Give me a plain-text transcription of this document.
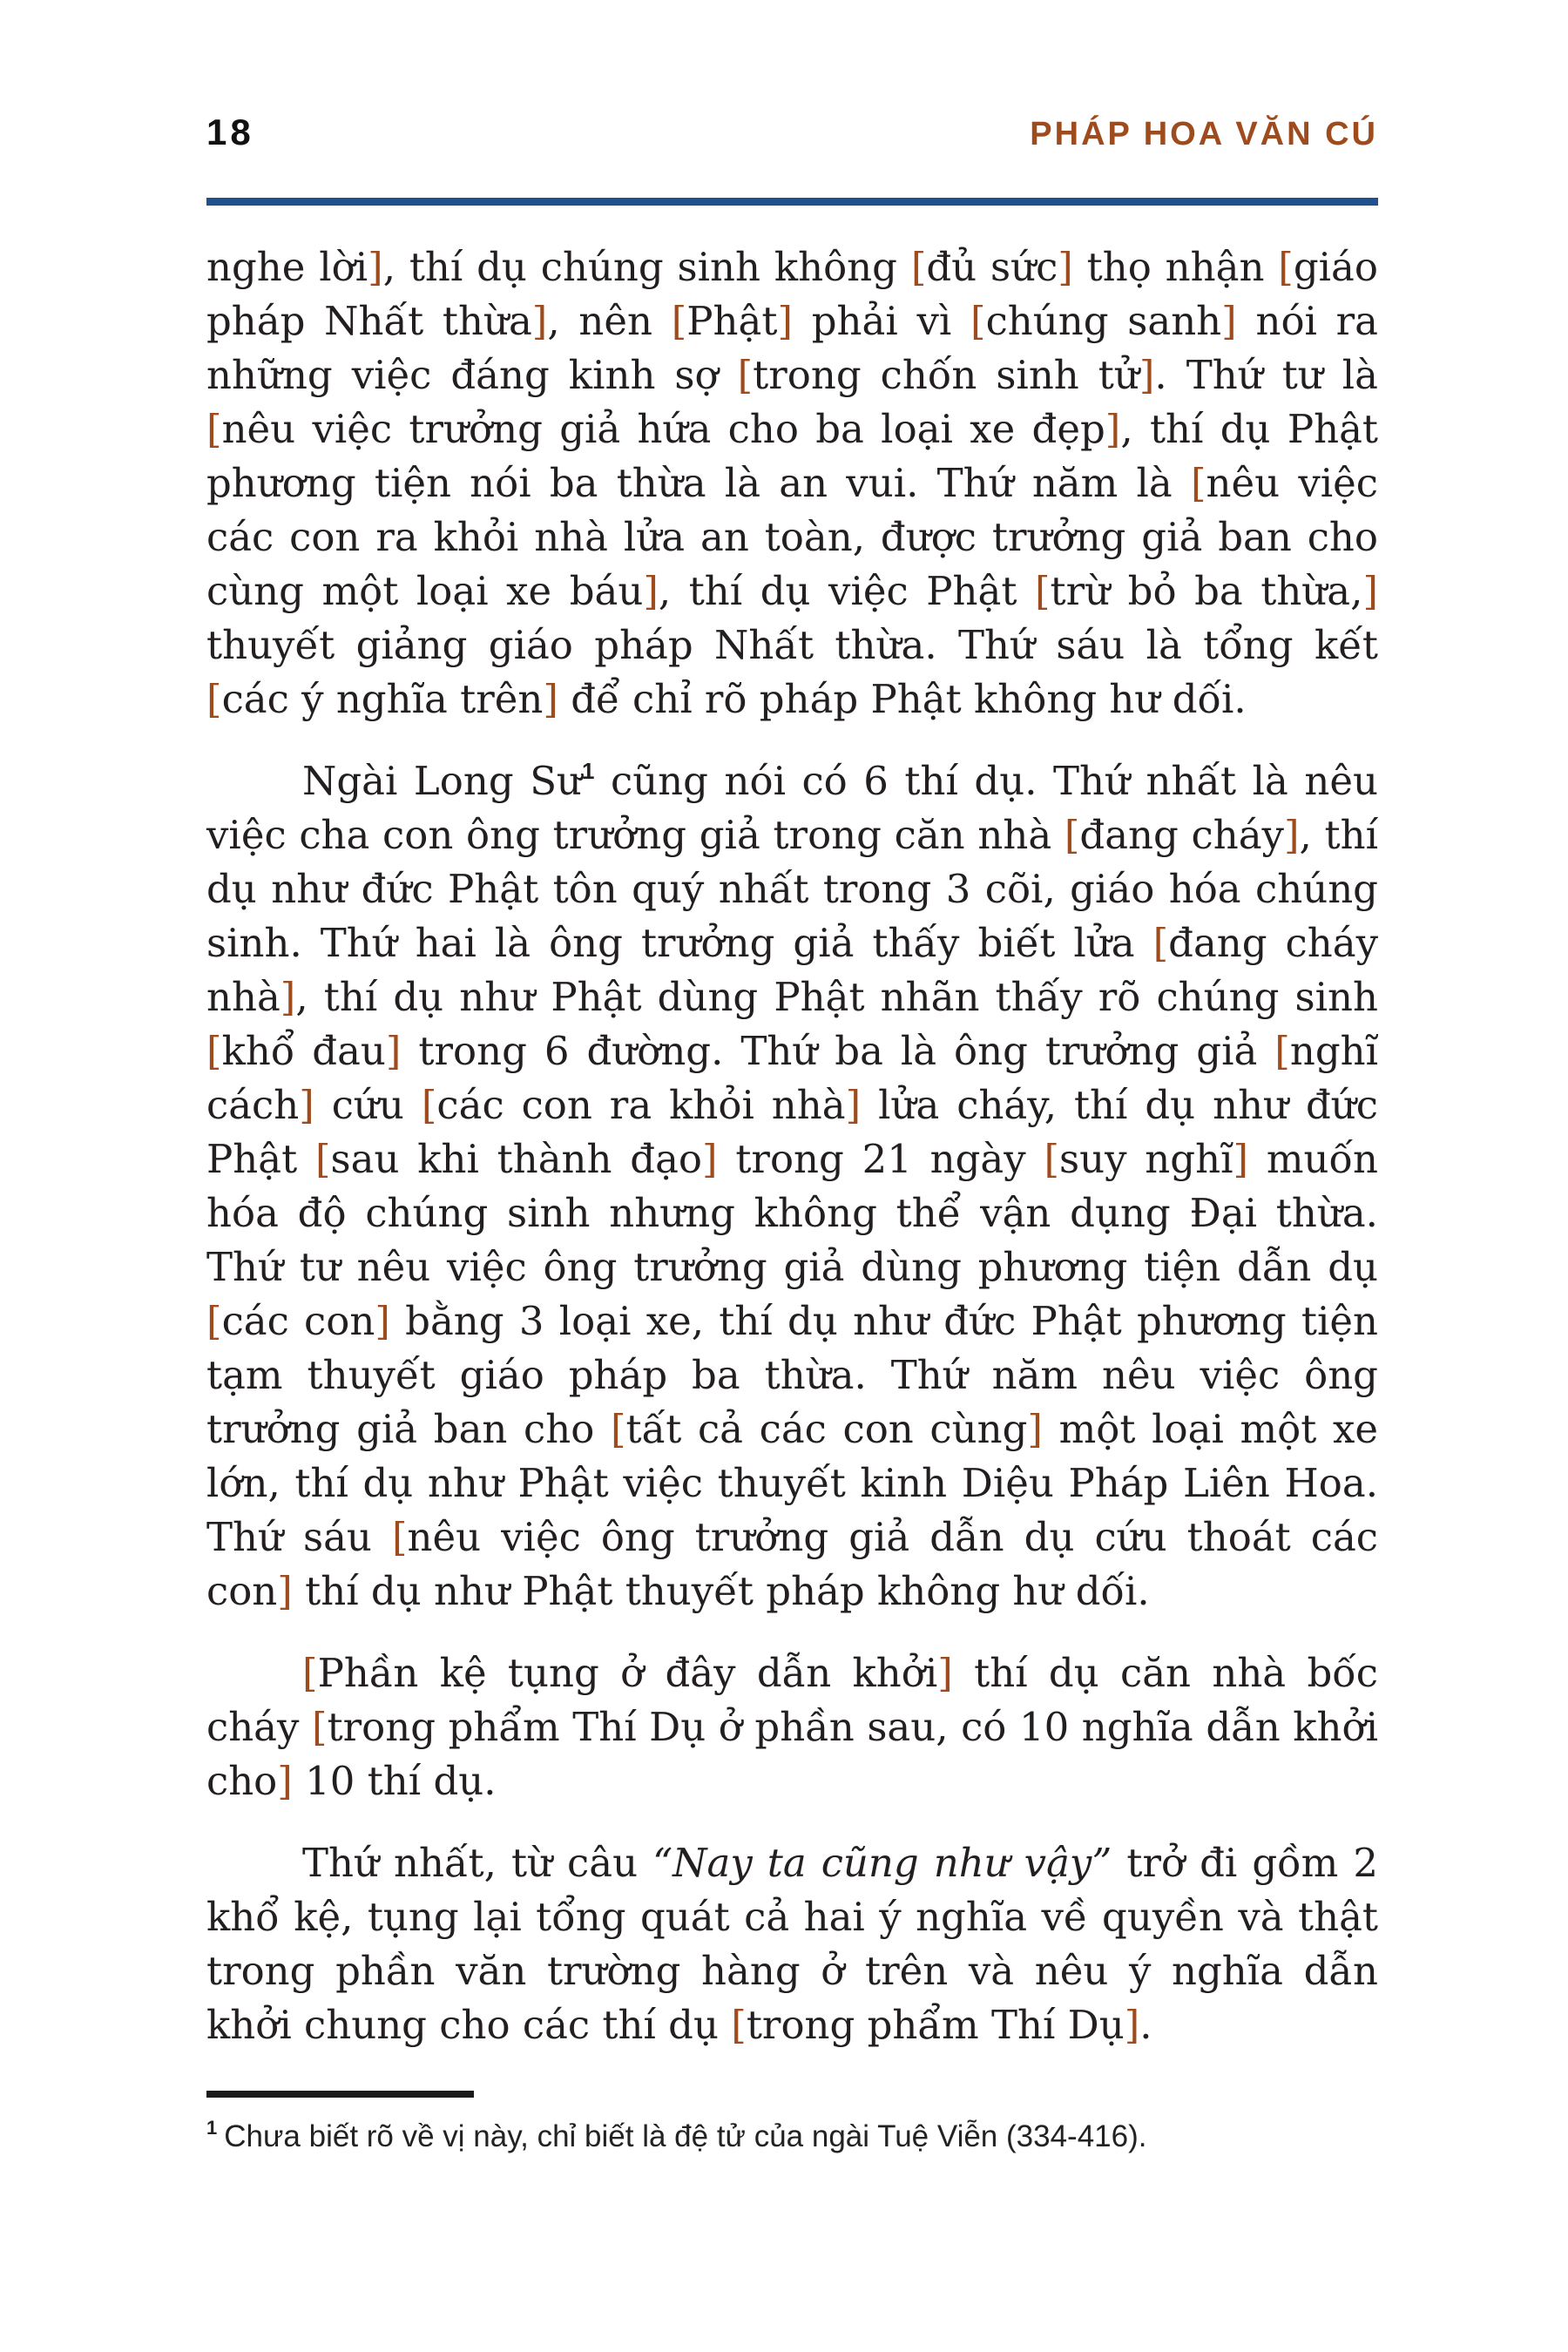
18	PHÁP HOA VĂN CÚ

nghe lời], thí dụ chúng sinh không [đủ sức] thọ nhận [giáo pháp Nhất thừa], nên [Phật] phải vì [chúng sanh] nói ra những việc đáng kinh sợ [trong chốn sinh tử]. Thứ tư là [nêu việc trưởng giả hứa cho ba loại xe đẹp], thí dụ Phật phương tiện nói ba thừa là an vui. Thứ năm là [nêu việc các con ra khỏi nhà lửa an toàn, được trưởng giả ban cho cùng một loại xe báu], thí dụ việc Phật [trừ bỏ ba thừa,] thuyết giảng giáo pháp Nhất thừa. Thứ sáu là tổng kết [các ý nghĩa trên] để chỉ rõ pháp Phật không hư dối.

Ngài Long Sư$^1$ cũng nói có 6 thí dụ. Thứ nhất là nêu việc cha con ông trưởng giả trong căn nhà [đang cháy], thí dụ như đức Phật tôn quý nhất trong 3 cõi, giáo hóa chúng sinh. Thứ hai là ông trưởng giả thấy biết lửa [đang cháy nhà], thí dụ như Phật dùng Phật nhãn thấy rõ chúng sinh [khổ đau] trong 6 đường. Thứ ba là ông trưởng giả [nghĩ cách] cứu [các con ra khỏi nhà] lửa cháy, thí dụ như đức Phật [sau khi thành đạo] trong 21 ngày [suy nghĩ] muốn hóa độ chúng sinh nhưng không thể vận dụng Đại thừa. Thứ tư nêu việc ông trưởng giả dùng phương tiện dẫn dụ [các con] bằng 3 loại xe, thí dụ như đức Phật phương tiện tạm thuyết giáo pháp ba thừa. Thứ năm nêu việc ông trưởng giả ban cho [tất cả các con cùng] một loại một xe lớn, thí dụ như Phật việc thuyết kinh Diệu Pháp Liên Hoa. Thứ sáu [nêu việc ông trưởng giả dẫn dụ cứu thoát các con] thí dụ như Phật thuyết pháp không hư dối.

[Phần kệ tụng ở đây dẫn khởi] thí dụ căn nhà bốc cháy [trong phẩm Thí Dụ ở phần sau, có 10 nghĩa dẫn khởi cho] 10 thí dụ.

Thứ nhất, từ câu “Nay ta cũng như vậy” trở đi gồm 2 khổ kệ, tụng lại tổng quát cả hai ý nghĩa về quyền và thật trong phần văn trường hàng ở trên và nêu ý nghĩa dẫn khởi chung cho các thí dụ [trong phẩm Thí Dụ].

$^1$ Chưa biết rõ về vị này, chỉ biết là đệ tử của ngài Tuệ Viễn (334-416).
